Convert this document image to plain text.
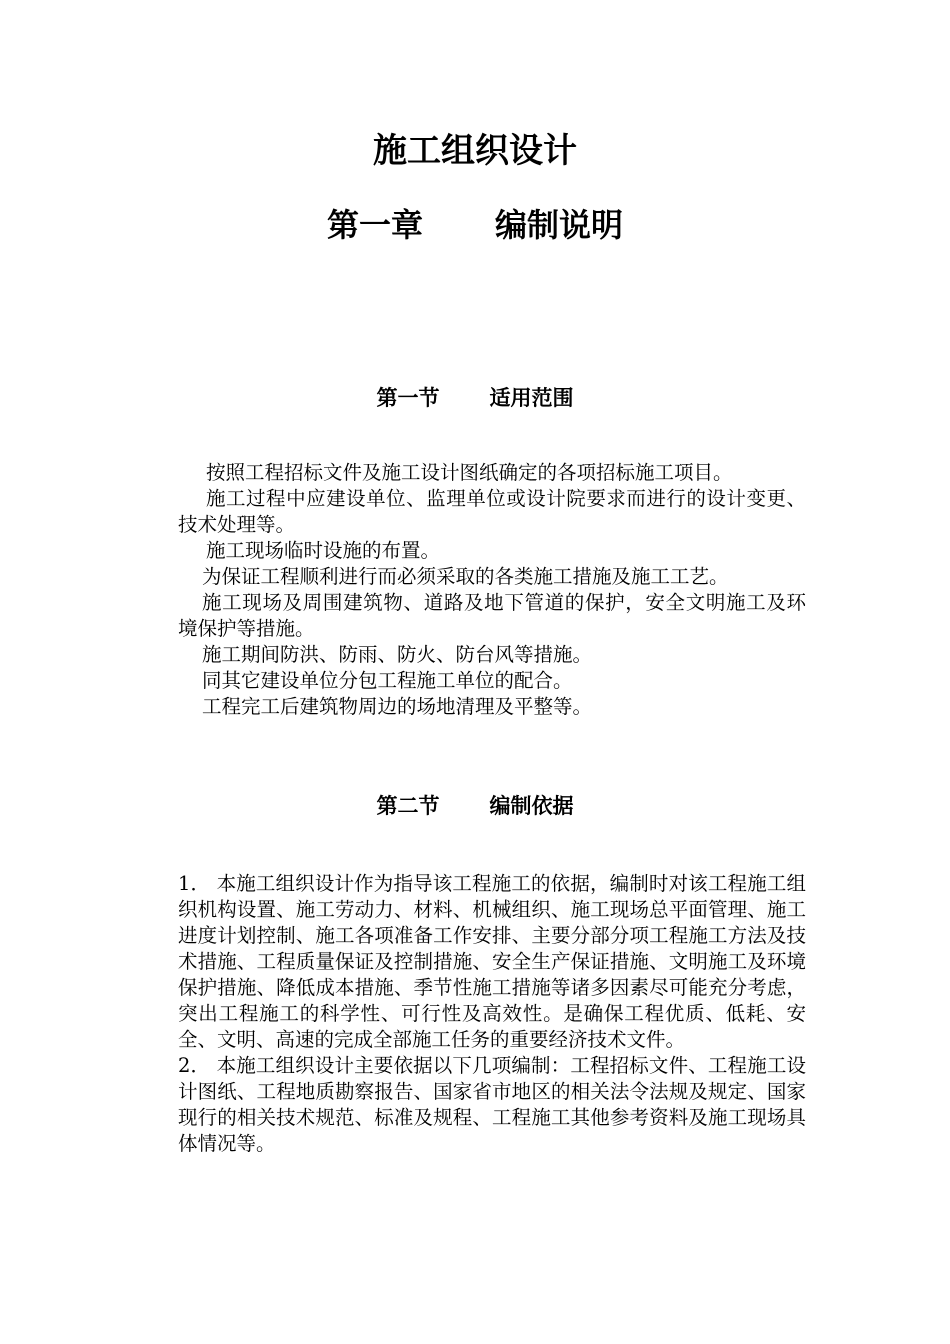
施工组织设计
第一章 编制说明
第一节 适用范围

按照工程招标文件及施工设计图纸确定的各项招标施工项目。

施工过程中应建设单位、监理单位或设计院要求而进行的设计变更、技术处理等。

施工现场临时设施的布置。

为保证工程顺利进行而必须采取的各类施工措施及施工工艺。

施工现场及周围建筑物、道路及地下管道的保护，安全文明施工及环境保护等措施。

施工期间防洪、防雨、防火、防台风等措施。

同其它建设单位分包工程施工单位的配合。

工程完工后建筑物周边的场地清理及平整等。

第二节 编制依据

1． 本施工组织设计作为指导该工程施工的依据，编制时对该工程施工组织机构设置、施工劳动力、材料、机械组织、施工现场总平面管理、施工进度计划控制、施工各项准备工作安排、主要分部分项工程施工方法及技术措施、工程质量保证及控制措施、安全生产保证措施、文明施工及环境保护措施、降低成本措施、季节性施工措施等诸多因素尽可能充分考虑，突出工程施工的科学性、可行性及高效性。是确保工程优质、低耗、安全、文明、高速的完成全部施工任务的重要经济技术文件。

2． 本施工组织设计主要依据以下几项编制：工程招标文件、工程施工设计图纸、工程地质勘察报告、国家省市地区的相关法令法规及规定、国家现行的相关技术规范、标准及规程、工程施工其他参考资料及施工现场具体情况等。
